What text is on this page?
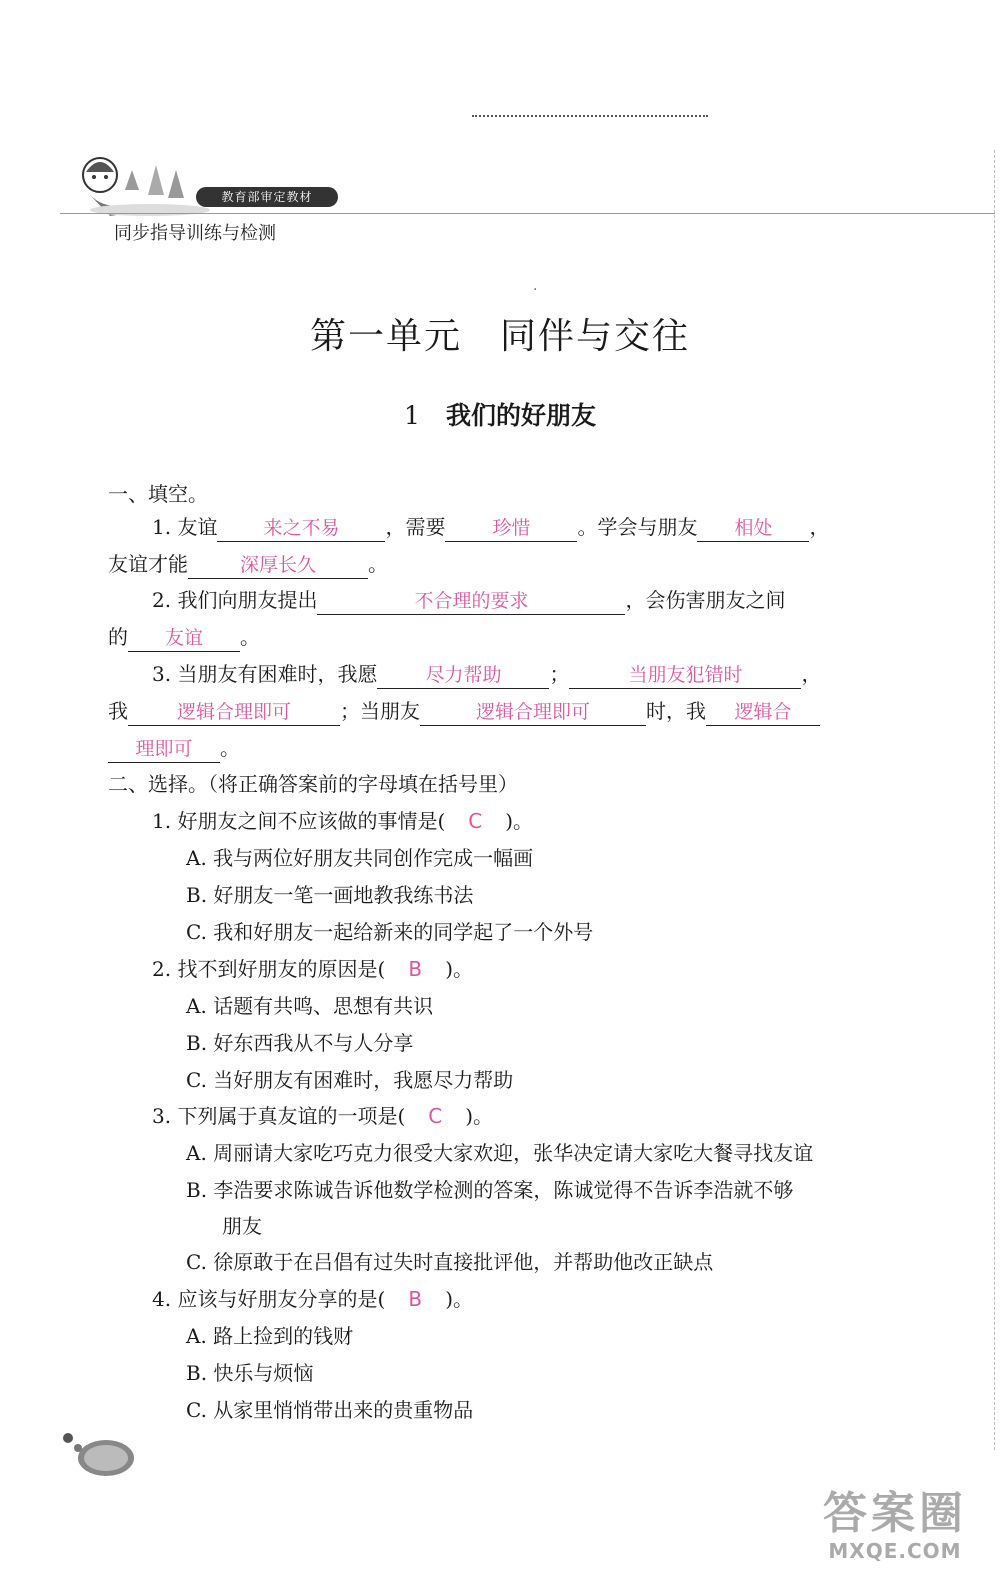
教育部审定教材
同步指导训练与检测
·
第一单元 同伴与交往
1 我们的好朋友
一、填空。
1. 友谊 来之不易 ，需要 珍惜 。学会与朋友 相处 ，
友谊才能	深厚长久	。
2. 我们向朋友提出	不合理的要求	，会伤害朋友之间
的 友谊 。
3. 当朋友有困难时，我愿	尽力帮助 ；	当朋友犯错时	，
我	逻辑合理即可 ；当朋友	逻辑合理即可	时，我 逻辑合
理即可 。
二、选择。（将正确答案前的字母填在括号里）
1. 好朋友之间不应该做的事情是( C )。
A. 我与两位好朋友共同创作完成一幅画
B. 好朋友一笔一画地教我练书法
C. 我和好朋友一起给新来的同学起了一个外号
2. 找不到好朋友的原因是( B )。
A. 话题有共鸣、思想有共识
B. 好东西我从不与人分享
C. 当好朋友有困难时，我愿尽力帮助
3. 下列属于真友谊的一项是( C )。
A. 周丽请大家吃巧克力很受大家欢迎，张华决定请大家吃大餐寻找友谊
B. 李浩要求陈诚告诉他数学检测的答案，陈诚觉得不告诉李浩就不够
朋友
C. 徐原敢于在吕倡有过失时直接批评他，并帮助他改正缺点
4. 应该与好朋友分享的是( B )。
A. 路上捡到的钱财
B. 快乐与烦恼
C. 从家里悄悄带出来的贵重物品
答案圈
MXQE.COM
